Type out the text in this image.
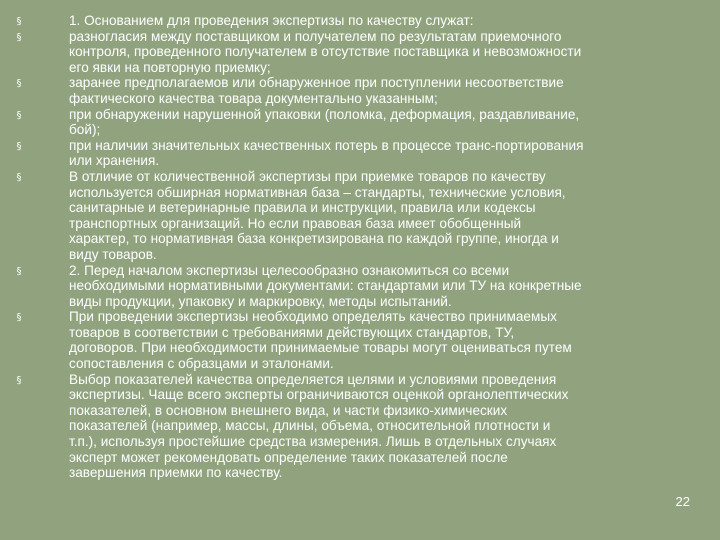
§	1. Основанием для проведения экспертизы по качеству служат:
§	разногласия между поставщиком и получателем по результатам приемочного
контроля, проведенного получателем в отсутствие поставщика и невозможности
его явки на повторную приемку;
§	заранее предполагаемов или обнаруженное при поступлении несоответствие
фактического качества товара документально указанным;
§	при обнаружении нарушенной упаковки (поломка, деформация, раздавливание,
бой);
§	при наличии значительных качественных потерь в процессе транс-портирования
или хранения.
§	В отличие от количественной экспертизы при приемке товаров по качеству
используется обширная нормативная база – стандарты, технические условия,
санитарные и ветеринарные правила и инструкции, правила или кодексы
транспортных организаций. Но если правовая база имеет обобщенный
характер, то нормативная база конкретизирована по каждой группе, иногда и
виду товаров.
§	2. Перед началом экспертизы целесообразно ознакомиться со всеми
необходимыми нормативными документами: стандартами или ТУ на конкретные
виды продукции, упаковку и маркировку, методы испытаний.
§	При проведении экспертизы необходимо определять качество принимаемых
товаров в соответствии с требованиями действующих стандартов, ТУ,
договоров. При необходимости принимаемые товары могут оцениваться путем
сопоставления с образцами и эталонами.
§	Выбор показателей качества определяется целями и условиями проведения
экспертизы. Чаще всего эксперты ограничиваются оценкой органолептических
показателей, в основном внешнего вида, и части физико-химических
показателей (например, массы, длины, объема, относительной плотности и
т.п.), используя простейшие средства измерения. Лишь в отдельных случаях
эксперт может рекомендовать определение таких показателей после
завершения приемки по качеству.
22
